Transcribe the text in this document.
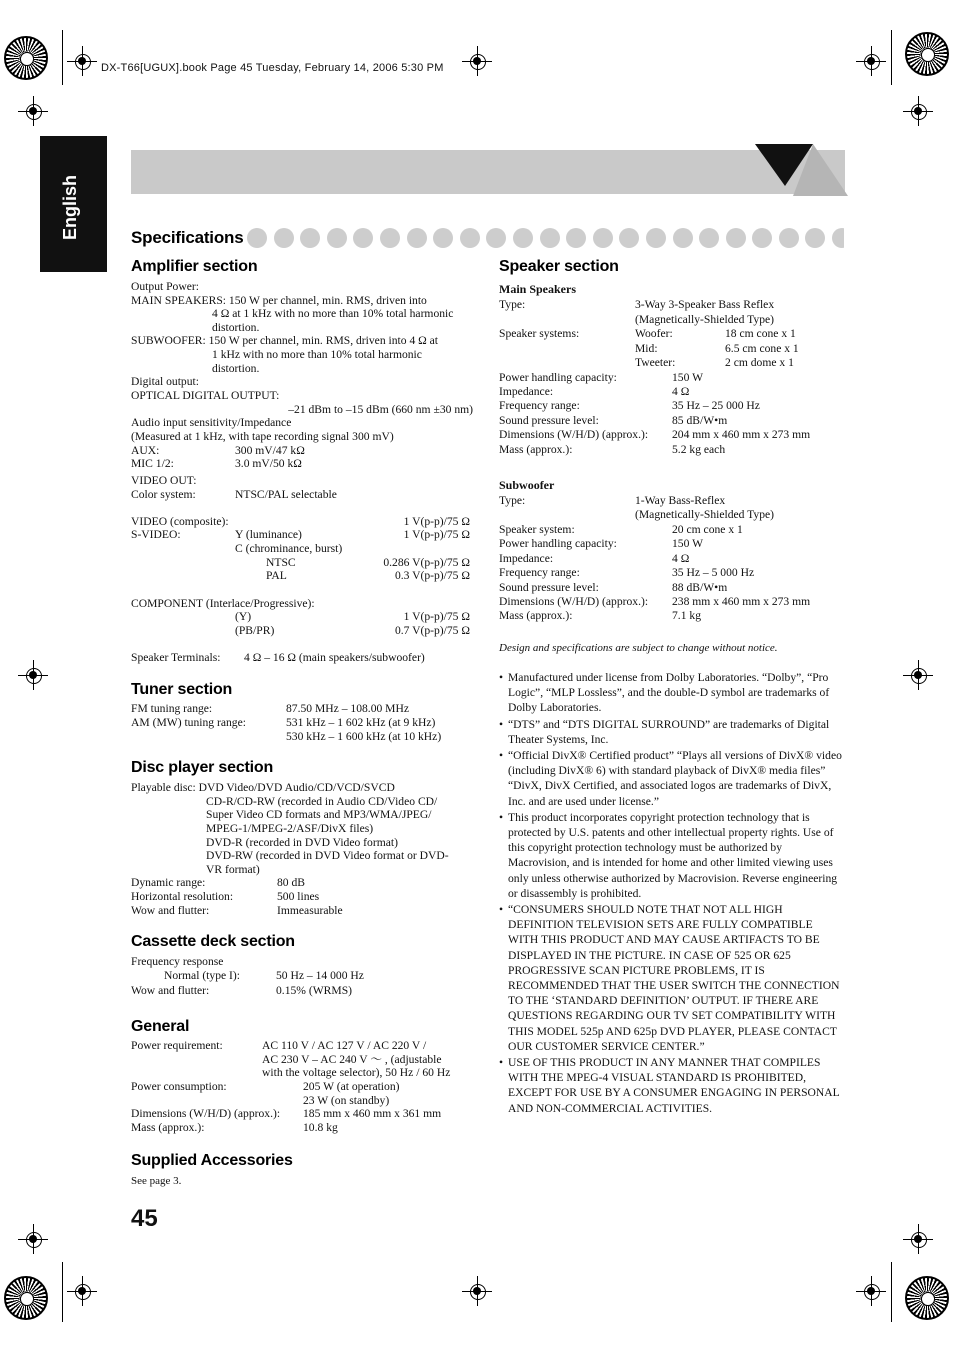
DX-T66[UGUX].book Page 45 Tuesday, February 14, 2006 5:30 PM
English	Specifications
Amplifier section
Output Power:
MAIN SPEAKERS: 150 W per channel, min. RMS, driven into
4 Ω at 1 kHz with no more than 10% total harmonic
distortion.
SUBWOOFER: 150 W per channel, min. RMS, driven into 4 Ω at
1 kHz with no more than 10% total harmonic
distortion.
Digital output:
OPTICAL DIGITAL OUTPUT:
–21 dBm to –15 dBm (660 nm ±30 nm)
Audio input sensitivity/Impedance
(Measured at 1 kHz, with tape recording signal 300 mV)
AUX:	300 mV/47 kΩ
MIC 1/2:	3.0 mV/50 kΩ
VIDEO OUT:
Color system:	NTSC/PAL selectable
VIDEO (composite):	1 V(p-p)/75 Ω
S-VIDEO:	Y (luminance)	1 V(p-p)/75 Ω
C (chrominance, burst)
NTSC	0.286 V(p-p)/75 Ω
PAL	0.3 V(p-p)/75 Ω
COMPONENT (Interlace/Progressive):
(Y)	1 V(p-p)/75 Ω
(PB/PR)	0.7 V(p-p)/75 Ω
Speaker Terminals: 4 Ω – 16 Ω (main speakers/subwoofer)
Tuner section
FM tuning range:	87.50 MHz – 108.00 MHz
AM (MW) tuning range:	531 kHz – 1 602 kHz (at 9 kHz)
530 kHz – 1 600 kHz (at 10 kHz)
Disc player section
Playable disc: DVD Video/DVD Audio/CD/VCD/SVCD
CD-R/CD-RW (recorded in Audio CD/Video CD/
Super Video CD formats and MP3/WMA/JPEG/
MPEG-1/MPEG-2/ASF/DivX files)
DVD-R (recorded in DVD Video format)
DVD-RW (recorded in DVD Video format or DVD-
VR format)
Dynamic range:	80 dB
Horizontal resolution:	500 lines
Wow and flutter:	Immeasurable
Cassette deck section
Frequency response
Normal (type I):	50 Hz – 14 000 Hz
Wow and flutter:	0.15% (WRMS)
General
Power requirement:	AC 110 V / AC 127 V / AC 220 V /
AC 230 V – AC 240 V ～ , (adjustable
with the voltage selector), 50 Hz / 60 Hz
Power consumption:	205 W (at operation)
23 W (on standby)
Dimensions (W/H/D) (approx.): 185 mm x 460 mm x 361 mm
Mass (approx.):	10.8 kg
Supplied Accessories
See page 3.
45
Speaker section
Main Speakers
Type:	3-Way 3-Speaker Bass Reflex
(Magnetically-Shielded Type)
Speaker systems:	Woofer:	18 cm cone x 1
Mid:	6.5 cm cone x 1
Tweeter:	2 cm dome x 1
Power handling capacity:	150 W
Impedance:	4 Ω
Frequency range:	35 Hz – 25 000 Hz
Sound pressure level:	85 dB/W•m
Dimensions (W/H/D) (approx.): 204 mm x 460 mm x 273 mm
Mass (approx.):	5.2 kg each
Subwoofer
Type:	1-Way Bass-Reflex
(Magnetically-Shielded Type)
Speaker system:	20 cm cone x 1
Power handling capacity:	150 W
Impedance:	4 Ω
Frequency range:	35 Hz – 5 000 Hz
Sound pressure level:	88 dB/W•m
Dimensions (W/H/D) (approx.): 238 mm x 460 mm x 273 mm
Mass (approx.):	7.1 kg
Design and specifications are subject to change without notice.
• Manufactured under license from Dolby Laboratories. “Dolby”, “Pro Logic”, “MLP Lossless”, and the double-D symbol are trademarks of Dolby Laboratories.
• “DTS” and “DTS DIGITAL SURROUND” are trademarks of Digital Theater Systems, Inc.
• “Official DivX® Certified product” “Plays all versions of DivX® video (including DivX® 6) with standard playback of DivX® media files” “DivX, DivX Certified, and associated logos are trademarks of DivX, Inc. and are used under license.”
• This product incorporates copyright protection technology that is protected by U.S. patents and other intellectual property rights. Use of this copyright protection technology must be authorized by Macrovision, and is intended for home and other limited viewing uses only unless otherwise authorized by Macrovision. Reverse engineering or disassembly is prohibited.
• “CONSUMERS SHOULD NOTE THAT NOT ALL HIGH DEFINITION TELEVISION SETS ARE FULLY COMPATIBLE WITH THIS PRODUCT AND MAY CAUSE ARTIFACTS TO BE DISPLAYED IN THE PICTURE. IN CASE OF 525 OR 625 PROGRESSIVE SCAN PICTURE PROBLEMS, IT IS RECOMMENDED THAT THE USER SWITCH THE CONNECTION TO THE ‘STANDARD DEFINITION’ OUTPUT. IF THERE ARE QUESTIONS REGARDING OUR TV SET COMPATIBILITY WITH THIS MODEL 525p AND 625p DVD PLAYER, PLEASE CONTACT OUR CUSTOMER SERVICE CENTER.”
• USE OF THIS PRODUCT IN ANY MANNER THAT COMPILES WITH THE MPEG-4 VISUAL STANDARD IS PROHIBITED, EXCEPT FOR USE BY A CONSUMER ENGAGING IN PERSONAL AND NON-COMMERCIAL ACTIVITIES.
